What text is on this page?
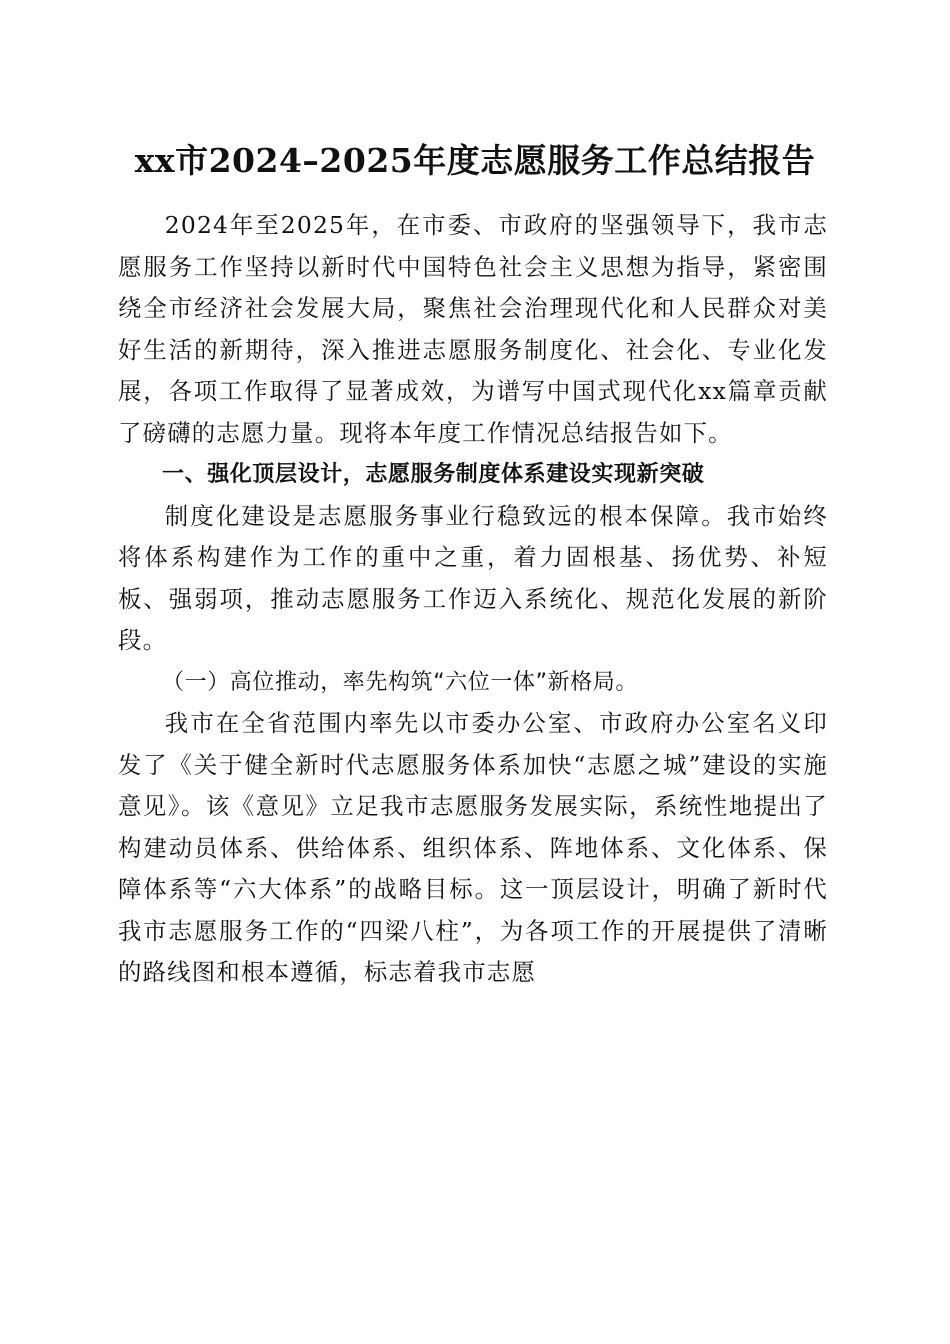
xx市2024–2025年度志愿服务工作总结报告

2024年至2025年，在市委、市政府的坚强领导下，我市志愿服务工作坚持以新时代中国特色社会主义思想为指导，紧密围绕全市经济社会发展大局，聚焦社会治理现代化和人民群众对美好生活的新期待，深入推进志愿服务制度化、社会化、专业化发展，各项工作取得了显著成效，为谱写中国式现代化xx篇章贡献了磅礴的志愿力量。现将本年度工作情况总结报告如下。

一、强化顶层设计，志愿服务制度体系建设实现新突破

制度化建设是志愿服务事业行稳致远的根本保障。我市始终将体系构建作为工作的重中之重，着力固根基、扬优势、补短板、强弱项，推动志愿服务工作迈入系统化、规范化发展的新阶段。

（一）高位推动，率先构筑“六位一体”新格局。

我市在全省范围内率先以市委办公室、市政府办公室名义印发了《关于健全新时代志愿服务体系加快“志愿之城”建设的实施意见》。该《意见》立足我市志愿服务发展实际，系统性地提出了构建动员体系、供给体系、组织体系、阵地体系、文化体系、保障体系等“六大体系”的战略目标。这一顶层设计，明确了新时代我市志愿服务工作的“四梁八柱”，为各项工作的开展提供了清晰的路线图和根本遵循，标志着我市志愿
